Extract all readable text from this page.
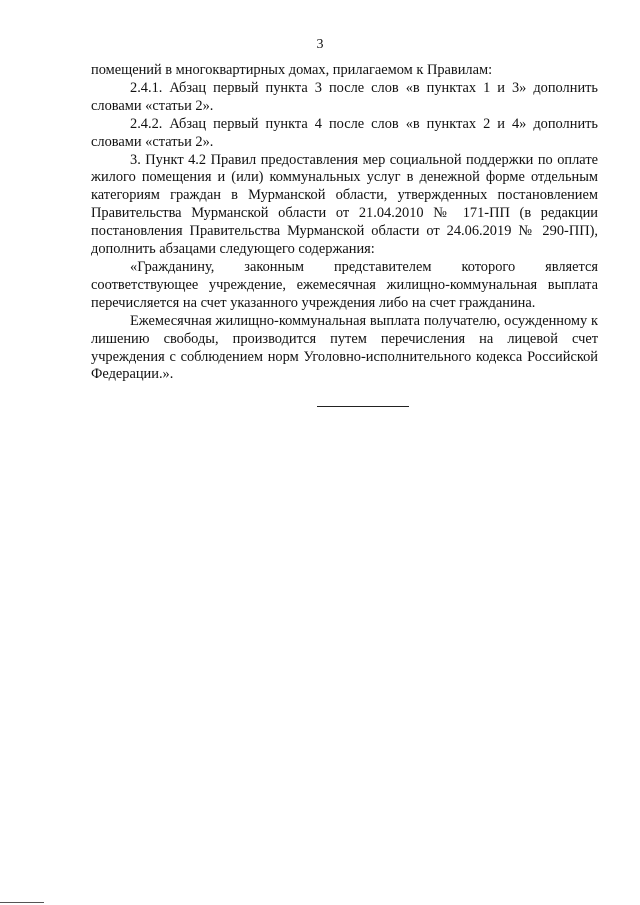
3

помещений в многоквартирных домах, прилагаемом к Правилам:

2.4.1. Абзац первый пункта 3 после слов «в пунктах 1 и 3» дополнить словами «статьи 2».

2.4.2. Абзац первый пункта 4 после слов «в пунктах 2 и 4» дополнить словами «статьи 2».

3. Пункт 4.2 Правил предоставления мер социальной поддержки по оплате жилого помещения и (или) коммунальных услуг в денежной форме отдельным категориям граждан в Мурманской области, утвержденных постановлением Правительства Мурманской области от 21.04.2010 № 171-ПП (в редакции постановления Правительства Мурманской области от 24.06.2019 № 290-ПП), дополнить абзацами следующего содержания:

«Гражданину, законным представителем которого является соответствующее учреждение, ежемесячная жилищно-коммунальная выплата перечисляется на счет указанного учреждения либо на счет гражданина.

Ежемесячная жилищно-коммунальная выплата получателю, осужденному к лишению свободы, производится путем перечисления на лицевой счет учреждения с соблюдением норм Уголовно-исполнительного кодекса Российской Федерации.».
